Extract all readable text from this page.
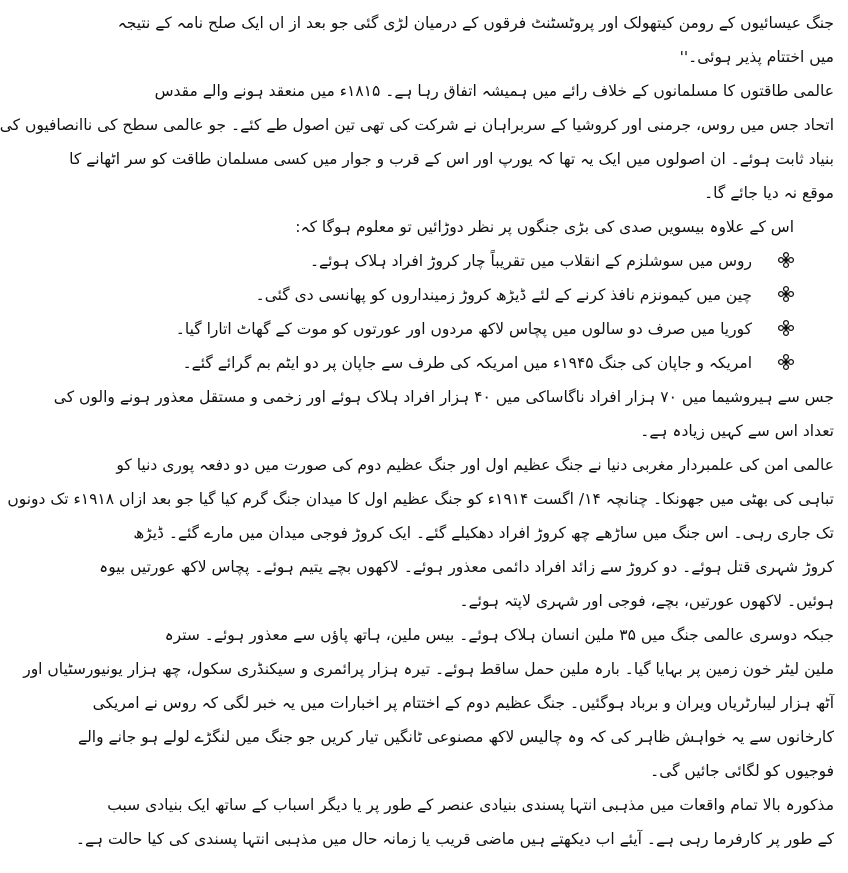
جنگ عیسائیوں کے رومن کیتھولک اور پروٹسٹنٹ فرقوں کے درمیان لڑی گئی جو بعد از اں ایک صلح نامہ کے نتیجہ
میں اختتام پذیر ہوئی۔''

عالمی طاقتوں کا مسلمانوں کے خلاف رائے میں ہمیشہ اتفاق رہا ہے۔ ۱۸۱۵ء میں منعقد ہونے والے مقدس
اتحاد جس میں روس، جرمنی اور کروشیا کے سربراہان نے شرکت کی تھی تین اصول طے کئے۔ جو عالمی سطح کی ناانصافیوں کی
بنیاد ثابت ہوئے۔ ان اصولوں میں ایک یہ تھا کہ یورپ اور اس کے قرب و جوار میں کسی مسلمان طاقت کو سر اٹھانے کا
موقع نہ دیا جائے گا۔

اس کے علاوہ بیسویں صدی کی بڑی جنگوں پر نظر دوڑائیں تو معلوم ہوگا کہ:

روس میں سوشلزم کے انقلاب میں تقریباً چار کروڑ افراد ہلاک ہوئے۔
چین میں کیمونزم نافذ کرنے کے لئے ڈیڑھ کروڑ زمینداروں کو پھانسی دی گئی۔
کوریا میں صرف دو سالوں میں پچاس لاکھ مردوں اور عورتوں کو موت کے گھاٹ اتارا گیا۔
امریکہ و جاپان کی جنگ ۱۹۴۵ء میں امریکہ کی طرف سے جاپان پر دو ایٹم بم گرائے گئے۔

جس سے ہیروشیما میں ۷۰ ہزار افراد ناگاساکی میں ۴۰ ہزار افراد ہلاک ہوئے اور زخمی و مستقل معذور ہونے والوں کی
تعداد اس سے کہیں زیادہ ہے۔

عالمی امن کی علمبردار مغربی دنیا نے جنگ عظیم اول اور جنگ عظیم دوم کی صورت میں دو دفعہ پوری دنیا کو
تباہی کی بھٹی میں جھونکا۔ چنانچہ ۱۴/ اگست ۱۹۱۴ء کو جنگ عظیم اول کا میدان جنگ گرم کیا گیا جو بعد ازاں ۱۹۱۸ء تک دونوں
تک جاری رہی۔ اس جنگ میں ساڑھے چھ کروڑ افراد دھکیلے گئے۔ ایک کروڑ فوجی میدان میں مارے گئے۔ ڈیڑھ
کروڑ شہری قتل ہوئے۔ دو کروڑ سے زائد افراد دائمی معذور ہوئے۔ لاکھوں بچے یتیم ہوئے۔ پچاس لاکھ عورتیں بیوہ
ہوئیں۔ لاکھوں عورتیں، بچے، فوجی اور شہری لاپتہ ہوئے۔

جبکہ دوسری عالمی جنگ میں ۳۵ ملین انسان ہلاک ہوئے۔ بیس ملین، ہاتھ پاؤں سے معذور ہوئے۔ سترہ
ملین لیٹر خون زمین پر بہایا گیا۔ بارہ ملین حمل ساقط ہوئے۔ تیرہ ہزار پرائمری و سیکنڈری سکول، چھ ہزار یونیورسٹیاں اور
آٹھ ہزار لیبارٹریاں ویران و برباد ہوگئیں۔ جنگ عظیم دوم کے اختتام پر اخبارات میں یہ خبر لگی کہ روس نے امریکی
کارخانوں سے یہ خواہش ظاہر کی کہ وہ چالیس لاکھ مصنوعی ٹانگیں تیار کریں جو جنگ میں لنگڑے لولے ہو جانے والے
فوجیوں کو لگائی جائیں گی۔

مذکورہ بالا تمام واقعات میں مذہبی انتہا پسندی بنیادی عنصر کے طور پر یا دیگر اسباب کے ساتھ ایک بنیادی سبب
کے طور پر کارفرما رہی ہے۔ آیئے اب دیکھتے ہیں ماضی قریب یا زمانہ حال میں مذہبی انتہا پسندی کی کیا حالت ہے۔
